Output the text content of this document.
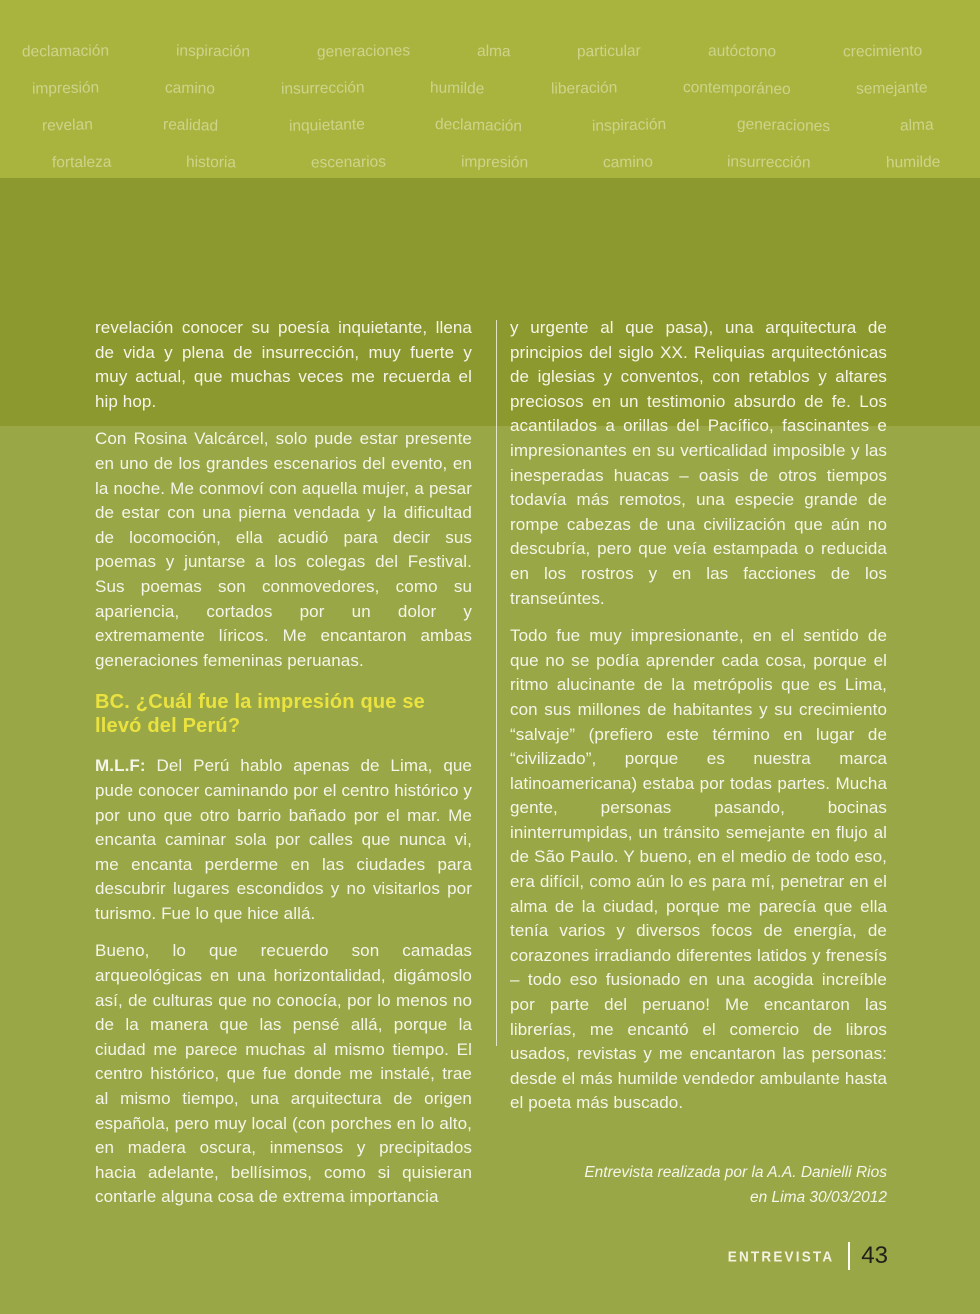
declamación	inspiración	generaciones	alma	particular	autóctono	crecimiento
impresión	camino	insurrección	humilde	liberación	contemporáneo	semejante
revelan	realidad	inquietante	declamación	inspiración	generaciones	alma
fortaleza	historia	escenarios	impresión	camino	insurrección	humilde

revelación conocer su poesía inquietante, llena de vida y plena de insurrección, muy fuerte y muy actual, que muchas veces me recuerda el hip hop.

Con Rosina Valcárcel, solo pude estar presente en uno de los grandes escenarios del evento, en la noche. Me conmoví con aquella mujer, a pesar de estar con una pierna vendada y la dificultad de locomoción, ella acudió para decir sus poemas y juntarse a los colegas del Festival. Sus poemas son conmovedores, como su apariencia, cortados por un dolor y extremamente líricos. Me encantaron ambas generaciones femeninas peruanas.

BC. ¿Cuál fue la impresión que se llevó del Perú?

M.L.F: Del Perú hablo apenas de Lima, que pude conocer caminando por el centro histórico y por uno que otro barrio bañado por el mar. Me encanta caminar sola por calles que nunca vi, me encanta perderme en las ciudades para descubrir lugares escondidos y no visitarlos por turismo. Fue lo que hice allá.

Bueno, lo que recuerdo son camadas arqueológicas en una horizontalidad, digámoslo así, de culturas que no conocía, por lo menos no de la manera que las pensé allá, porque la ciudad me parece muchas al mismo tiempo. El centro histórico, que fue donde me instalé, trae al mismo tiempo, una arquitectura de origen española, pero muy local (con porches en lo alto, en madera oscura, inmensos y precipitados hacia adelante, bellísimos, como si quisieran contarle alguna cosa de extrema importancia

y urgente al que pasa), una arquitectura de principios del siglo XX. Reliquias arquitectónicas de iglesias y conventos, con retablos y altares preciosos en un testimonio absurdo de fe. Los acantilados a orillas del Pacífico, fascinantes e impresionantes en su verticalidad imposible y las inesperadas huacas – oasis de otros tiempos todavía más remotos, una especie grande de rompe cabezas de una civilización que aún no descubría, pero que veía estampada o reducida en los rostros y en las facciones de los transeúntes.

Todo fue muy impresionante, en el sentido de que no se podía aprender cada cosa, porque el ritmo alucinante de la metrópolis que es Lima, con sus millones de habitantes y su crecimiento “salvaje” (prefiero este término en lugar de “civilizado”, porque es nuestra marca latinoamericana) estaba por todas partes. Mucha gente, personas pasando, bocinas ininterrumpidas, un tránsito semejante en flujo al de São Paulo. Y bueno, en el medio de todo eso, era difícil, como aún lo es para mí, penetrar en el alma de la ciudad, porque me parecía que ella tenía varios y diversos focos de energía, de corazones irradiando diferentes latidos y frenesís – todo eso fusionado en una acogida increíble por parte del peruano! Me encantaron las librerías, me encantó el comercio de libros usados, revistas y me encantaron las personas: desde el más humilde vendedor ambulante hasta el poeta más buscado.

Entrevista realizada por la A.A. Danielli Rios
en Lima 30/03/2012
ENTREVISTA 43
